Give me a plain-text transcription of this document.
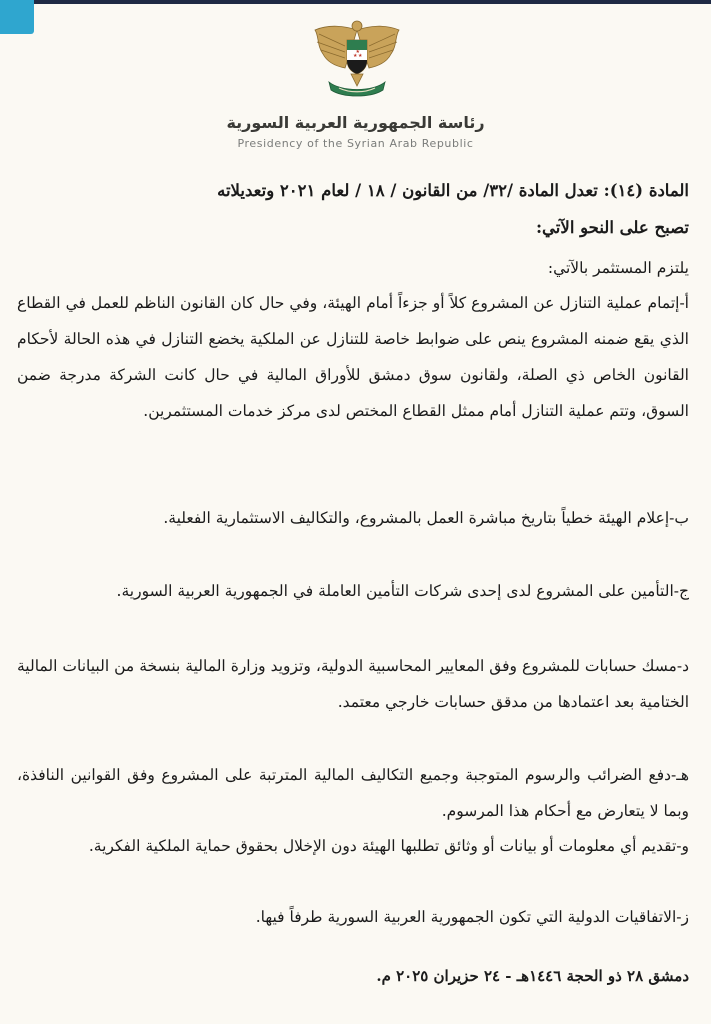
★ ★
★
رئاسة الجمهورية العربية السورية
Presidency of the Syrian Arab Republic
المادة (١٤): تعدل المادة /٣٢/ من القانون / ١٨ / لعام ٢٠٢١ وتعديلاته
تصبح على النحو الآتي:
يلتزم المستثمر بالآتي:
أ-إتمام عملية التنازل عن المشروع كلاً أو جزءاً أمام الهيئة، وفي حال كان القانون الناظم للعمل في القطاع الذي يقع ضمنه المشروع ينص على ضوابط خاصة للتنازل عن الملكية يخضع التنازل في هذه الحالة لأحكام القانون الخاص ذي الصلة، ولقانون سوق دمشق للأوراق المالية في حال كانت الشركة مدرجة ضمن السوق، وتتم عملية التنازل أمام ممثل القطاع المختص لدى مركز خدمات المستثمرين.
ب-إعلام الهيئة خطياً بتاريخ مباشرة العمل بالمشروع، والتكاليف الاستثمارية الفعلية.
ج-التأمين على المشروع لدى إحدى شركات التأمين العاملة في الجمهورية العربية السورية.
د-مسك حسابات للمشروع وفق المعايير المحاسبية الدولية، وتزويد وزارة المالية بنسخة من البيانات المالية الختامية بعد اعتمادها من مدقق حسابات خارجي معتمد.
هـ-دفع الضرائب والرسوم المتوجبة وجميع التكاليف المالية المترتبة على المشروع وفق القوانين النافذة، وبما لا يتعارض مع أحكام هذا المرسوم.
و-تقديم أي معلومات أو بيانات أو وثائق تطلبها الهيئة دون الإخلال بحقوق حماية الملكية الفكرية.
ز-الاتفاقيات الدولية التي تكون الجمهورية العربية السورية طرفاً فيها.
دمشق ٢٨ ذو الحجة ١٤٤٦هـ - ٢٤ حزيران ٢٠٢٥ م.
